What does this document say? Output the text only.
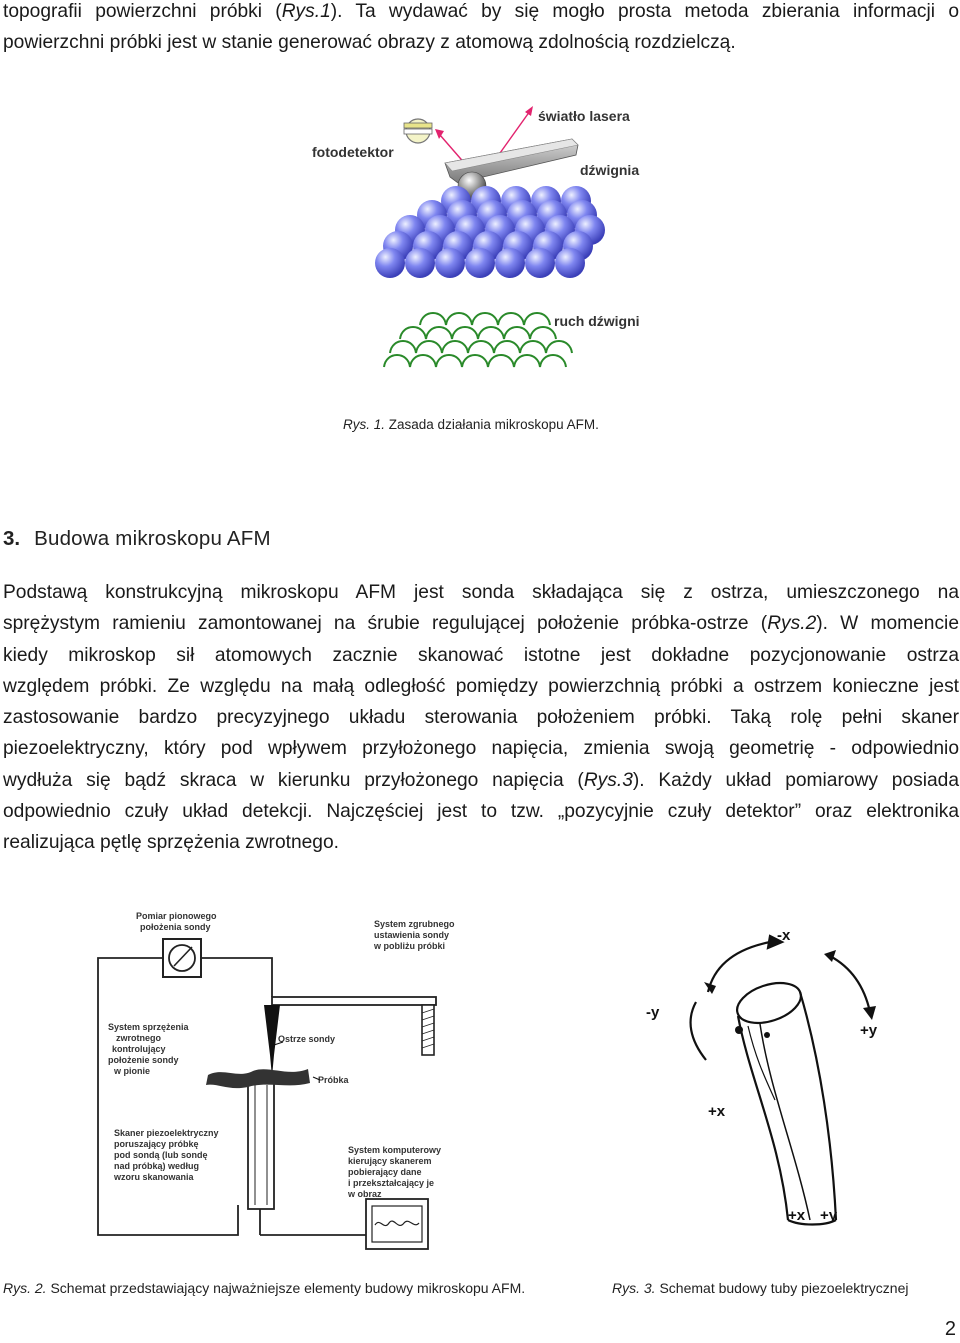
topografii powierzchni próbki (Rys.1). Ta wydawać by się mogło prosta metoda zbierania informacji o
powierzchni próbki jest w stanie generować obrazy z atomową zdolnością rozdzielczą.
fotodetektor
światło lasera
dźwignia
ruch dźwigni
Rys. 1. Zasada działania mikroskopu AFM.
3. Budowa mikroskopu AFM
Podstawą konstrukcyjną mikroskopu AFM jest sonda składająca się z ostrza, umieszczonego na
sprężystym ramieniu zamontowanej na śrubie regulującej położenie próbka-ostrze (Rys.2). W momencie
kiedy mikroskop sił atomowych zacznie skanować istotne jest dokładne pozycjonowanie ostrza
względem próbki. Ze względu na małą odległość pomiędzy powierzchnią próbki a ostrzem konieczne jest
zastosowanie bardzo precyzyjnego układu sterowania położeniem próbki. Taką rolę pełni skaner
piezoelektryczny, który pod wpływem przyłożonego napięcia, zmienia swoją geometrię - odpowiednio
wydłuża się bądź skraca w kierunku przyłożonego napięcia (Rys.3). Każdy układ pomiarowy posiada
odpowiednio czuły układ detekcji. Najczęściej jest to tzw. „pozycyjnie czuły detektor” oraz elektronika
realizująca pętlę sprzężenia zwrotnego.
Pomiar pionowego
położenia sondy	System zgrubnego
ustawienia sondy
w pobliżu próbki
System sprzężenia
zwrotnego
kontrolujący
położenie sondy
w pionie
Ostrze sondy
Próbka
Skaner piezoelektryczny
poruszający próbkę
pod sondą (lub sondę
nad próbką) według
wzoru skanowania
System komputerowy
kierujący skanerem
pobierający dane
i przekształcający je
w obraz
-x
-y
+y
+x
+x +y
Rys. 2. Schemat przedstawiający najważniejsze elementy budowy mikroskopu AFM.	Rys. 3. Schemat budowy tuby piezoelektrycznej
2
